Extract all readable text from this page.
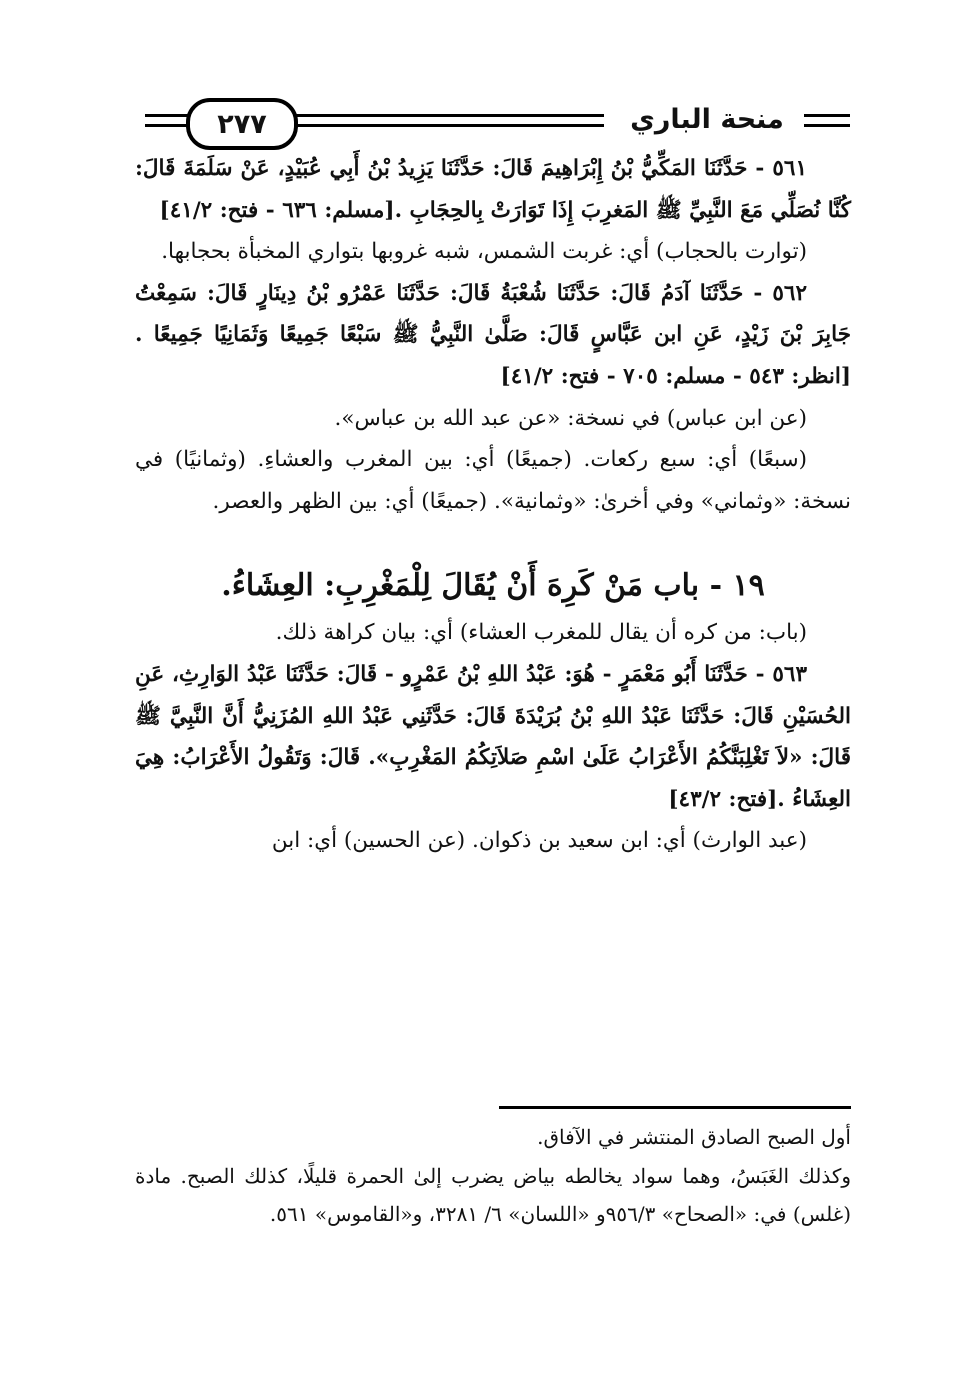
٢٧٧	منحة الباري

٥٦١ - حَدَّثَنَا المَكِّيُّ بْنُ إِبْرَاهِيمَ قَالَ: حَدَّثَنَا يَزِيدُ بْنُ أَبِي عُبَيْدٍ، عَنْ سَلَمَةَ قَالَ: كُنَّا نُصَلِّي مَعَ النَّبِيِّ ﷺ المَغرِبَ إِذَا تَوَارَتْ بِالحِجَابِ .[مسلم: ٦٣٦ - فتح: ٤١/٢]

(توارت بالحجاب) أي: غربت الشمس، شبه غروبها بتواري المخبأة بحجابها.

٥٦٢ - حَدَّثَنَا آدَمُ قَالَ: حَدَّثَنَا شُعْبَةُ قَالَ: حَدَّثَنَا عَمْرُو بْنُ دِينَارٍ قَالَ: سَمِعْتُ جَابِرَ بْنَ زَيْدٍ، عَنِ ابن عَبَّاسٍ قَالَ: صَلَّىٰ النَّبِيُّ ﷺ سَبْعًا جَمِيعًا وَثَمَانِيًا جَمِيعًا .[انظر: ٥٤٣ - مسلم: ٧٠٥ - فتح: ٤١/٢]

(عن ابن عباس) في نسخة: «عن عبد الله بن عباس».

(سبعًا) أي: سبع ركعات. (جميعًا) أي: بين المغرب والعشاءِ. (وثمانيًا) في نسخة: «وثماني» وفي أخرىٰ: «وثمانية». (جميعًا) أي: بين الظهر والعصر.

١٩ - باب مَنْ كَرِهَ أَنْ يُقَالَ لِلْمَغْرِبِ: العِشَاءُ.

(باب: من كره أن يقال للمغرب العشاء) أي: بيان كراهة ذلك.

٥٦٣ - حَدَّثَنَا أَبُو مَعْمَرٍ - هُوَ: عَبْدُ اللهِ بْنُ عَمْرٍو - قَالَ: حَدَّثَنَا عَبْدُ الوَارِثِ، عَنِ الحُسَيْنِ قَالَ: حَدَّثَنَا عَبْدُ اللهِ بْنُ بُرَيْدَةَ قَالَ: حَدَّثَنِي عَبْدُ اللهِ المُزَنِيُّ أَنَّ النَّبِيَّ ﷺ قَالَ: «لاَ تَغْلِبَنَّكُمُ الأَعْرَابُ عَلَىٰ اسْمِ صَلاَتِكُمُ المَغْرِبِ». قَالَ: وَتَقُولُ الأَعْرَابُ: هِيَ العِشَاءُ .[فتح: ٤٣/٢]

(عبد الوارث) أي: ابن سعيد بن ذكوان. (عن الحسين) أي: ابن

أول الصبح الصادق المنتشر في الآفاق.

وكذلك الغَبَسُ، وهما سواد يخالطه بياض يضرب إلىٰ الحمرة قليلًا، كذلك الصبح. مادة (غلس) في: «الصحاح» ٩٥٦/٣و «اللسان» ٦/ ٣٢٨١، و«القاموس» ٥٦١.
